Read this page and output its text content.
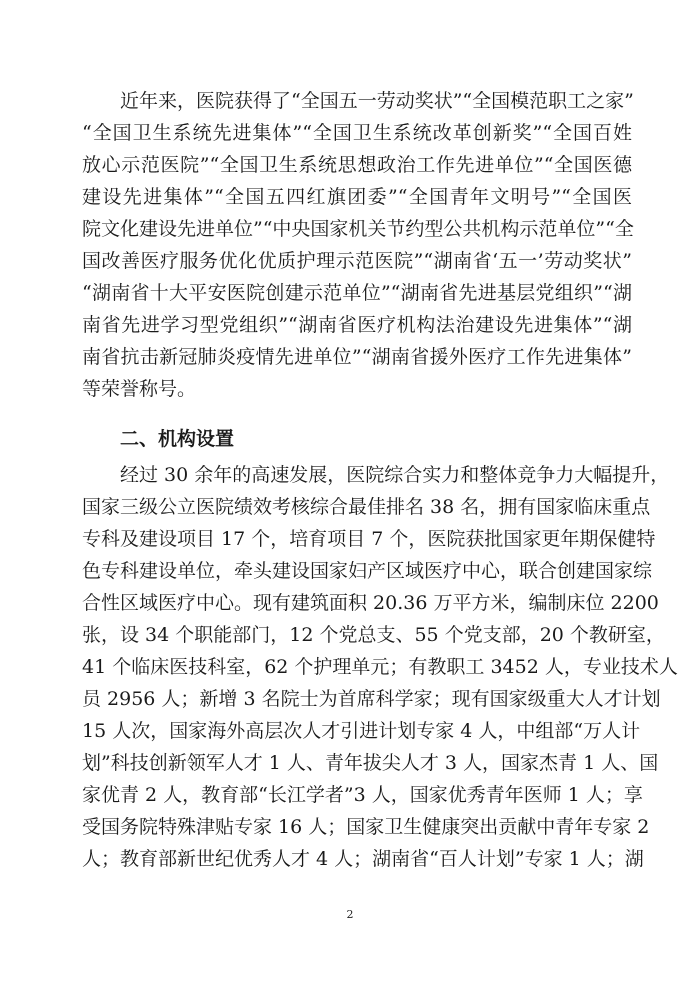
近年来，医院获得了“全国五一劳动奖状”“全国模范职工之家”
“全国卫生系统先进集体”“全国卫生系统改革创新奖”“全国百姓
放心示范医院”“全国卫生系统思想政治工作先进单位”“全国医德
建设先进集体”“全国五四红旗团委”“全国青年文明号”“全国医
院文化建设先进单位”“中央国家机关节约型公共机构示范单位”“全
国改善医疗服务优化优质护理示范医院”“湖南省‘五一’劳动奖状”
“湖南省十大平安医院创建示范单位”“湖南省先进基层党组织”“湖
南省先进学习型党组织”“湖南省医疗机构法治建设先进集体”“湖
南省抗击新冠肺炎疫情先进单位”“湖南省援外医疗工作先进集体”
等荣誉称号。
二、机构设置
经过 30 余年的高速发展，医院综合实力和整体竞争力大幅提升，
国家三级公立医院绩效考核综合最佳排名 38 名，拥有国家临床重点
专科及建设项目 17 个，培育项目 7 个，医院获批国家更年期保健特
色专科建设单位，牵头建设国家妇产区域医疗中心，联合创建国家综
合性区域医疗中心。现有建筑面积 20.36 万平方米，编制床位 2200
张，设 34 个职能部门，12 个党总支、55 个党支部，20 个教研室，
41 个临床医技科室，62 个护理单元；有教职工 3452 人，专业技术人
员 2956 人；新增 3 名院士为首席科学家；现有国家级重大人才计划
15 人次，国家海外高层次人才引进计划专家 4 人，中组部“万人计
划”科技创新领军人才 1 人、青年拔尖人才 3 人，国家杰青 1 人、国
家优青 2 人，教育部“长江学者”3 人，国家优秀青年医师 1 人；享
受国务院特殊津贴专家 16 人；国家卫生健康突出贡献中青年专家 2
人；教育部新世纪优秀人才 4 人；湖南省“百人计划”专家 1 人；湖
2
